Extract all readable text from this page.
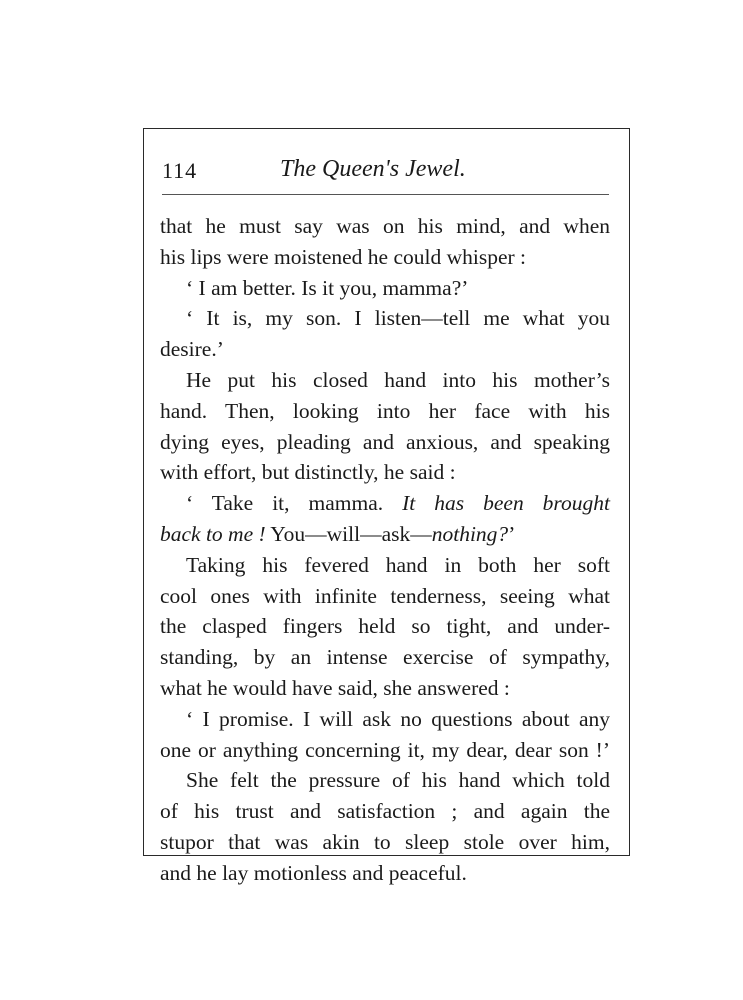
114	The Queen's Jewel.
that he must say was on his mind, and when
his lips were moistened he could whisper :
‘ I am better. Is it you, mamma?’
‘ It is, my son. I listen—tell me what you
desire.’
He put his closed hand into his mother’s
hand. Then, looking into her face with his
dying eyes, pleading and anxious, and speaking
with effort, but distinctly, he said :
‘ Take it, mamma. It has been brought
back to me ! You—will—ask—nothing?’
Taking his fevered hand in both her soft
cool ones with infinite tenderness, seeing what
the clasped fingers held so tight, and under-
standing, by an intense exercise of sympathy,
what he would have said, she answered :
‘ I promise. I will ask no questions about any
one or anything concerning it, my dear, dear son !’
She felt the pressure of his hand which told
of his trust and satisfaction ; and again the
stupor that was akin to sleep stole over him,
and he lay motionless and peaceful.
